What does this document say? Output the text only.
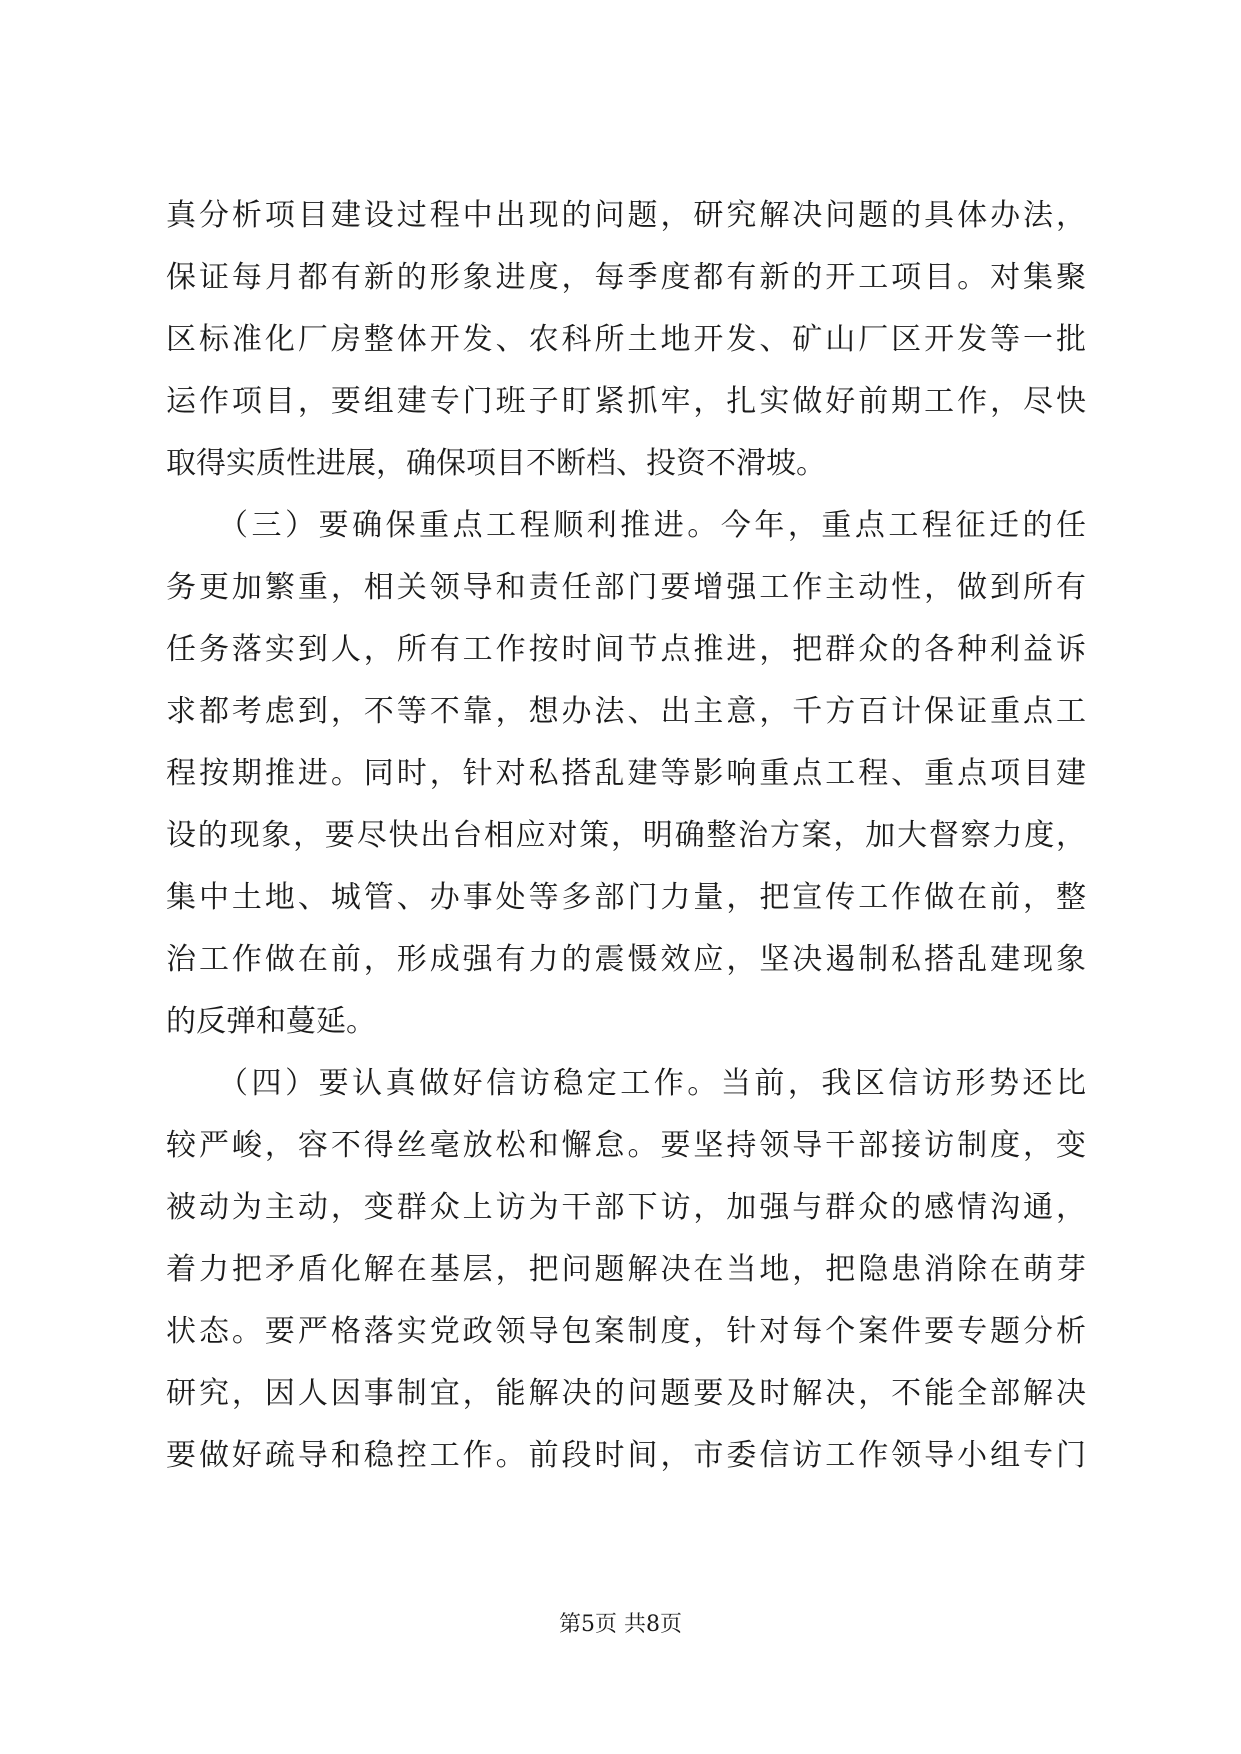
真分析项目建设过程中出现的问题，研究解决问题的具体办法，
保证每月都有新的形象进度，每季度都有新的开工项目。对集聚
区标准化厂房整体开发、农科所土地开发、矿山厂区开发等一批
运作项目，要组建专门班子盯紧抓牢，扎实做好前期工作，尽快
取得实质性进展，确保项目不断档、投资不滑坡。
　　（三）要确保重点工程顺利推进。今年，重点工程征迁的任
务更加繁重，相关领导和责任部门要增强工作主动性，做到所有
任务落实到人，所有工作按时间节点推进，把群众的各种利益诉
求都考虑到，不等不靠，想办法、出主意，千方百计保证重点工
程按期推进。同时，针对私搭乱建等影响重点工程、重点项目建
设的现象，要尽快出台相应对策，明确整治方案，加大督察力度，
集中土地、城管、办事处等多部门力量，把宣传工作做在前，整
治工作做在前，形成强有力的震慑效应，坚决遏制私搭乱建现象
的反弹和蔓延。
　　（四）要认真做好信访稳定工作。当前，我区信访形势还比
较严峻，容不得丝毫放松和懈怠。要坚持领导干部接访制度，变
被动为主动，变群众上访为干部下访，加强与群众的感情沟通，
着力把矛盾化解在基层，把问题解决在当地，把隐患消除在萌芽
状态。要严格落实党政领导包案制度，针对每个案件要专题分析
研究，因人因事制宜，能解决的问题要及时解决，不能全部解决
要做好疏导和稳控工作。前段时间，市委信访工作领导小组专门
第5页 共8页
